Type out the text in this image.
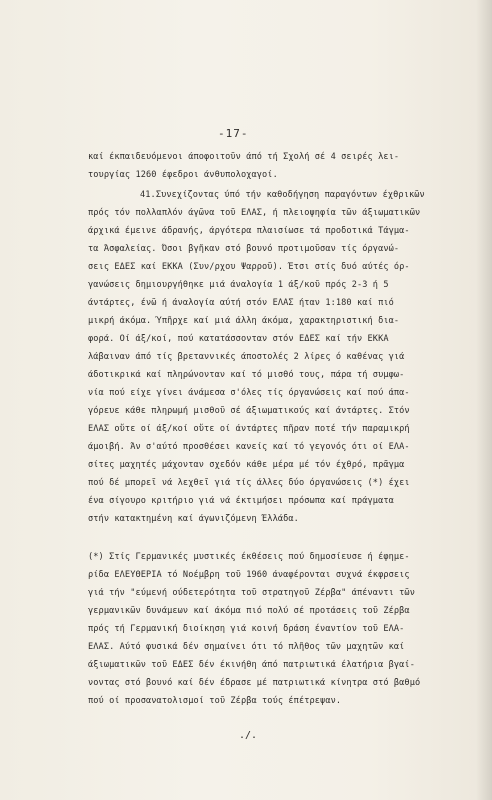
-17-
καί έκπαιδευόμενοι άποφοιτοῦν άπό τή Σχολή σέ 4 σειρές λει-
τουργίας 1260 έφεδροι άνθυπολοχαγοί.
41.Συνεχίζοντας ύπό τήν καθοδήγηση παραγόντων έχθρικῶν
πρός τόν πολλαπλόν άγῶνα τοῦ ΕΛΑΣ, ή πλειοψηφία τῶν άξιωματικῶν
άρχικά έμεινε άδρανής, άργότερα πλαισίωσε τά προδοτικά Τάγμα-
τα Άσφαλείας. Όσοι βγῆκαν στό βουνό προτιμοῦσαν τίς όργανώ-
σεις ΕΔΕΣ καί ΕΚΚΑ (Συν/ρχου Ψαρροῦ). Έτσι στίς δυό αύτές όρ-
γανώσεις δημιουργήθηκε μιά άναλογία 1 άξ/κοῦ πρός 2-3 ή 5
άντάρτες, ένῶ ή άναλογία αύτή στόν ΕΛΑΣ ήταν 1:180 καί πιό
μικρή άκόμα. Ύπῆρχε καί μιά άλλη άκόμα, χαρακτηριστική δια-
φορά. Οί άξ/κοί, πού κατατάσσονταν στόν ΕΔΕΣ καί τήν ΕΚΚΑ
λάβαιναν άπό τίς βρεταννικές άποστολές 2 λίρες ό καθένας γιά
άδοτικρικά καί πληρώνονταν καί τό μισθό τους, πάρα τή συμφω-
νία πού είχε γίνει άνάμεσα σ'όλες τίς όργανώσεις καί πού άπα-
γόρευε κάθε πληρωμή μισθοῦ σέ άξιωματικούς καί άντάρτες. Στόν
ΕΛΑΣ οὔτε οί άξ/κοί οὔτε οί άντάρτες πῆραν ποτέ τήν παραμικρή
άμοιβή. Άν σ'αύτό προσθέσει κανείς καί τό γεγονός ότι οί ΕΛΑ-
σίτες μαχητές μάχονταν σχεδόν κάθε μέρα μέ τόν έχθρό, πρᾶγμα
πού δέ μπορεῖ νά λεχθεῖ γιά τίς άλλες δύο όργανώσεις (*) έχει
ένα σίγουρο κριτήριο γιά νά έκτιμήσει πρόσωπα καί πράγματα
στήν κατακτημένη καί άγωνιζόμενη Έλλάδα.
(*) Στίς Γερμανικές μυστικές έκθέσεις πού δημοσίευσε ή έφημε-
ρίδα ΕΛΕΥΘΕΡΙΑ τό Νοέμβρη τοῦ 1960 άναφέρονται συχνά έκφρσεις
γιά τήν "εύμενή ούδετερότητα τοῦ στρατηγοῦ Ζέρβα" άπέναντι τῶν
γερμανικῶν δυνάμεων καί άκόμα πιό πολύ σέ προτάσεις τοῦ Ζέρβα
πρός τή Γερμανική διοίκηση γιά κοινή δράση έναντίον τοῦ ΕΛΑ-
ΕΛΑΣ. Αύτό φυσικά δέν σημαίνει ότι τό πλῆθος τῶν μαχητῶν καί
άξιωματικῶν τοῦ ΕΔΕΣ δέν έκινήθη άπό πατριωτικά έλατήρια βγαί-
νοντας στό βουνό καί δέν έδρασε μέ πατριωτικά κίνητρα στό βαθμό
πού οί προσανατολισμοί τοῦ Ζέρβα τούς έπέτρεψαν.
./.
